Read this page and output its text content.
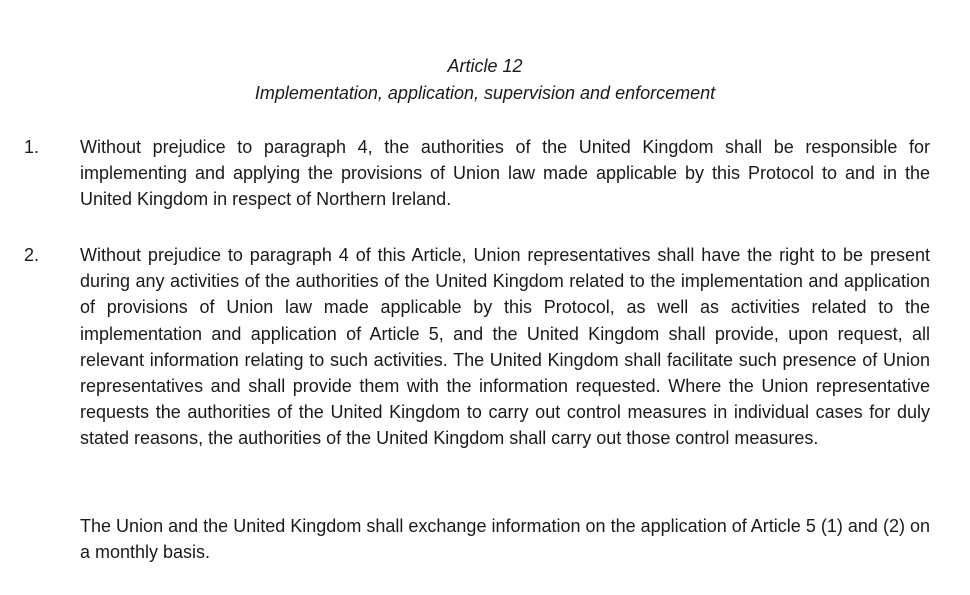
Article 12
Implementation, application, supervision and enforcement
1. Without prejudice to paragraph 4, the authorities of the United Kingdom shall be responsible for implementing and applying the provisions of Union law made applicable by this Protocol to and in the United Kingdom in respect of Northern Ireland.

2. Without prejudice to paragraph 4 of this Article, Union representatives shall have the right to be present during any activities of the authorities of the United Kingdom related to the implementation and application of provisions of Union law made applicable by this Protocol, as well as activities related to the implementation and application of Article 5, and the United Kingdom shall provide, upon request, all relevant information relating to such activities. The United Kingdom shall facilitate such presence of Union representatives and shall provide them with the information requested. Where the Union representative requests the authorities of the United Kingdom to carry out control measures in individual cases for duly stated reasons, the authorities of the United Kingdom shall carry out those control measures.

The Union and the United Kingdom shall exchange information on the application of Article 5 (1) and (2) on a monthly basis.
